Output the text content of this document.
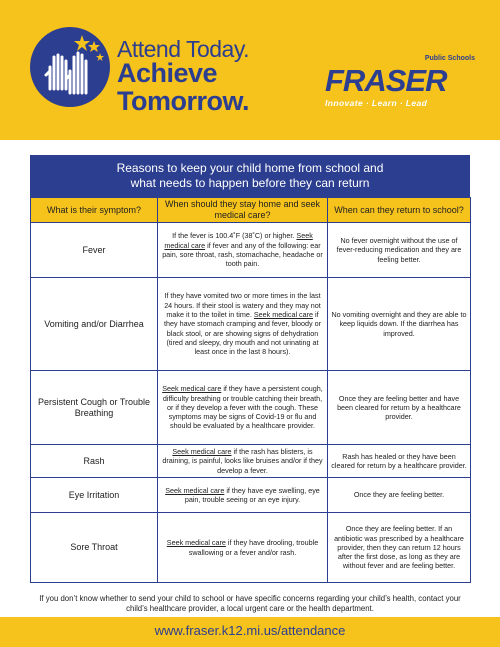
Attend Today.
Achieve
Tomorrow.
Public Schools
FRASER
Innovate · Learn · Lead
Reasons to keep your child home from school and
what needs to happen before they can return
What is their symptom?	When should they stay home and seek medical care?	When can they return to school?
Fever	If the fever is 100.4˚F (38˚C) or higher. Seek medical care if fever and any of the following: ear pain, sore throat, rash, stomachache, headache or tooth pain.	No fever overnight without the use of fever-reducing medication and they are feeling better.
Vomiting and/or Diarrhea	If they have vomited two or more times in the last 24 hours. If their stool is watery and they may not make it to the toilet in time. Seek medical care if they have stomach cramping and fever, bloody or black stool, or are showing signs of dehydration (tired and sleepy, dry mouth and not urinating at least once in the last 8 hours).	No vomiting overnight and they are able to keep liquids down. If the diarrhea has improved.
Persistent Cough or Trouble Breathing	Seek medical care if they have a persistent cough, difficulty breathing or trouble catching their breath, or if they develop a fever with the cough. These symptoms may be signs of Covid-19 or flu and should be evaluated by a healthcare provider.	Once they are feeling better and have been cleared for return by a healthcare provider.
Rash	Seek medical care if the rash has blisters, is draining, is painful, looks like bruises and/or if they develop a fever.	Rash has healed or they have been cleared for return by a healthcare provider.
Eye Irritation	Seek medical care if they have eye swelling, eye pain, trouble seeing or an eye injury.	Once they are feeling better.
Sore Throat	Seek medical care if they have drooling, trouble swallowing or a fever and/or rash.	Once they are feeling better. If an antibiotic was prescribed by a healthcare provider, then they can return 12 hours after the first dose, as long as they are without fever and are feeling better.
If you don’t know whether to send your child to school or have specific concerns regarding your child’s health, contact your child’s healthcare provider, a local urgent care or the health department.
www.fraser.k12.mi.us/attendance
